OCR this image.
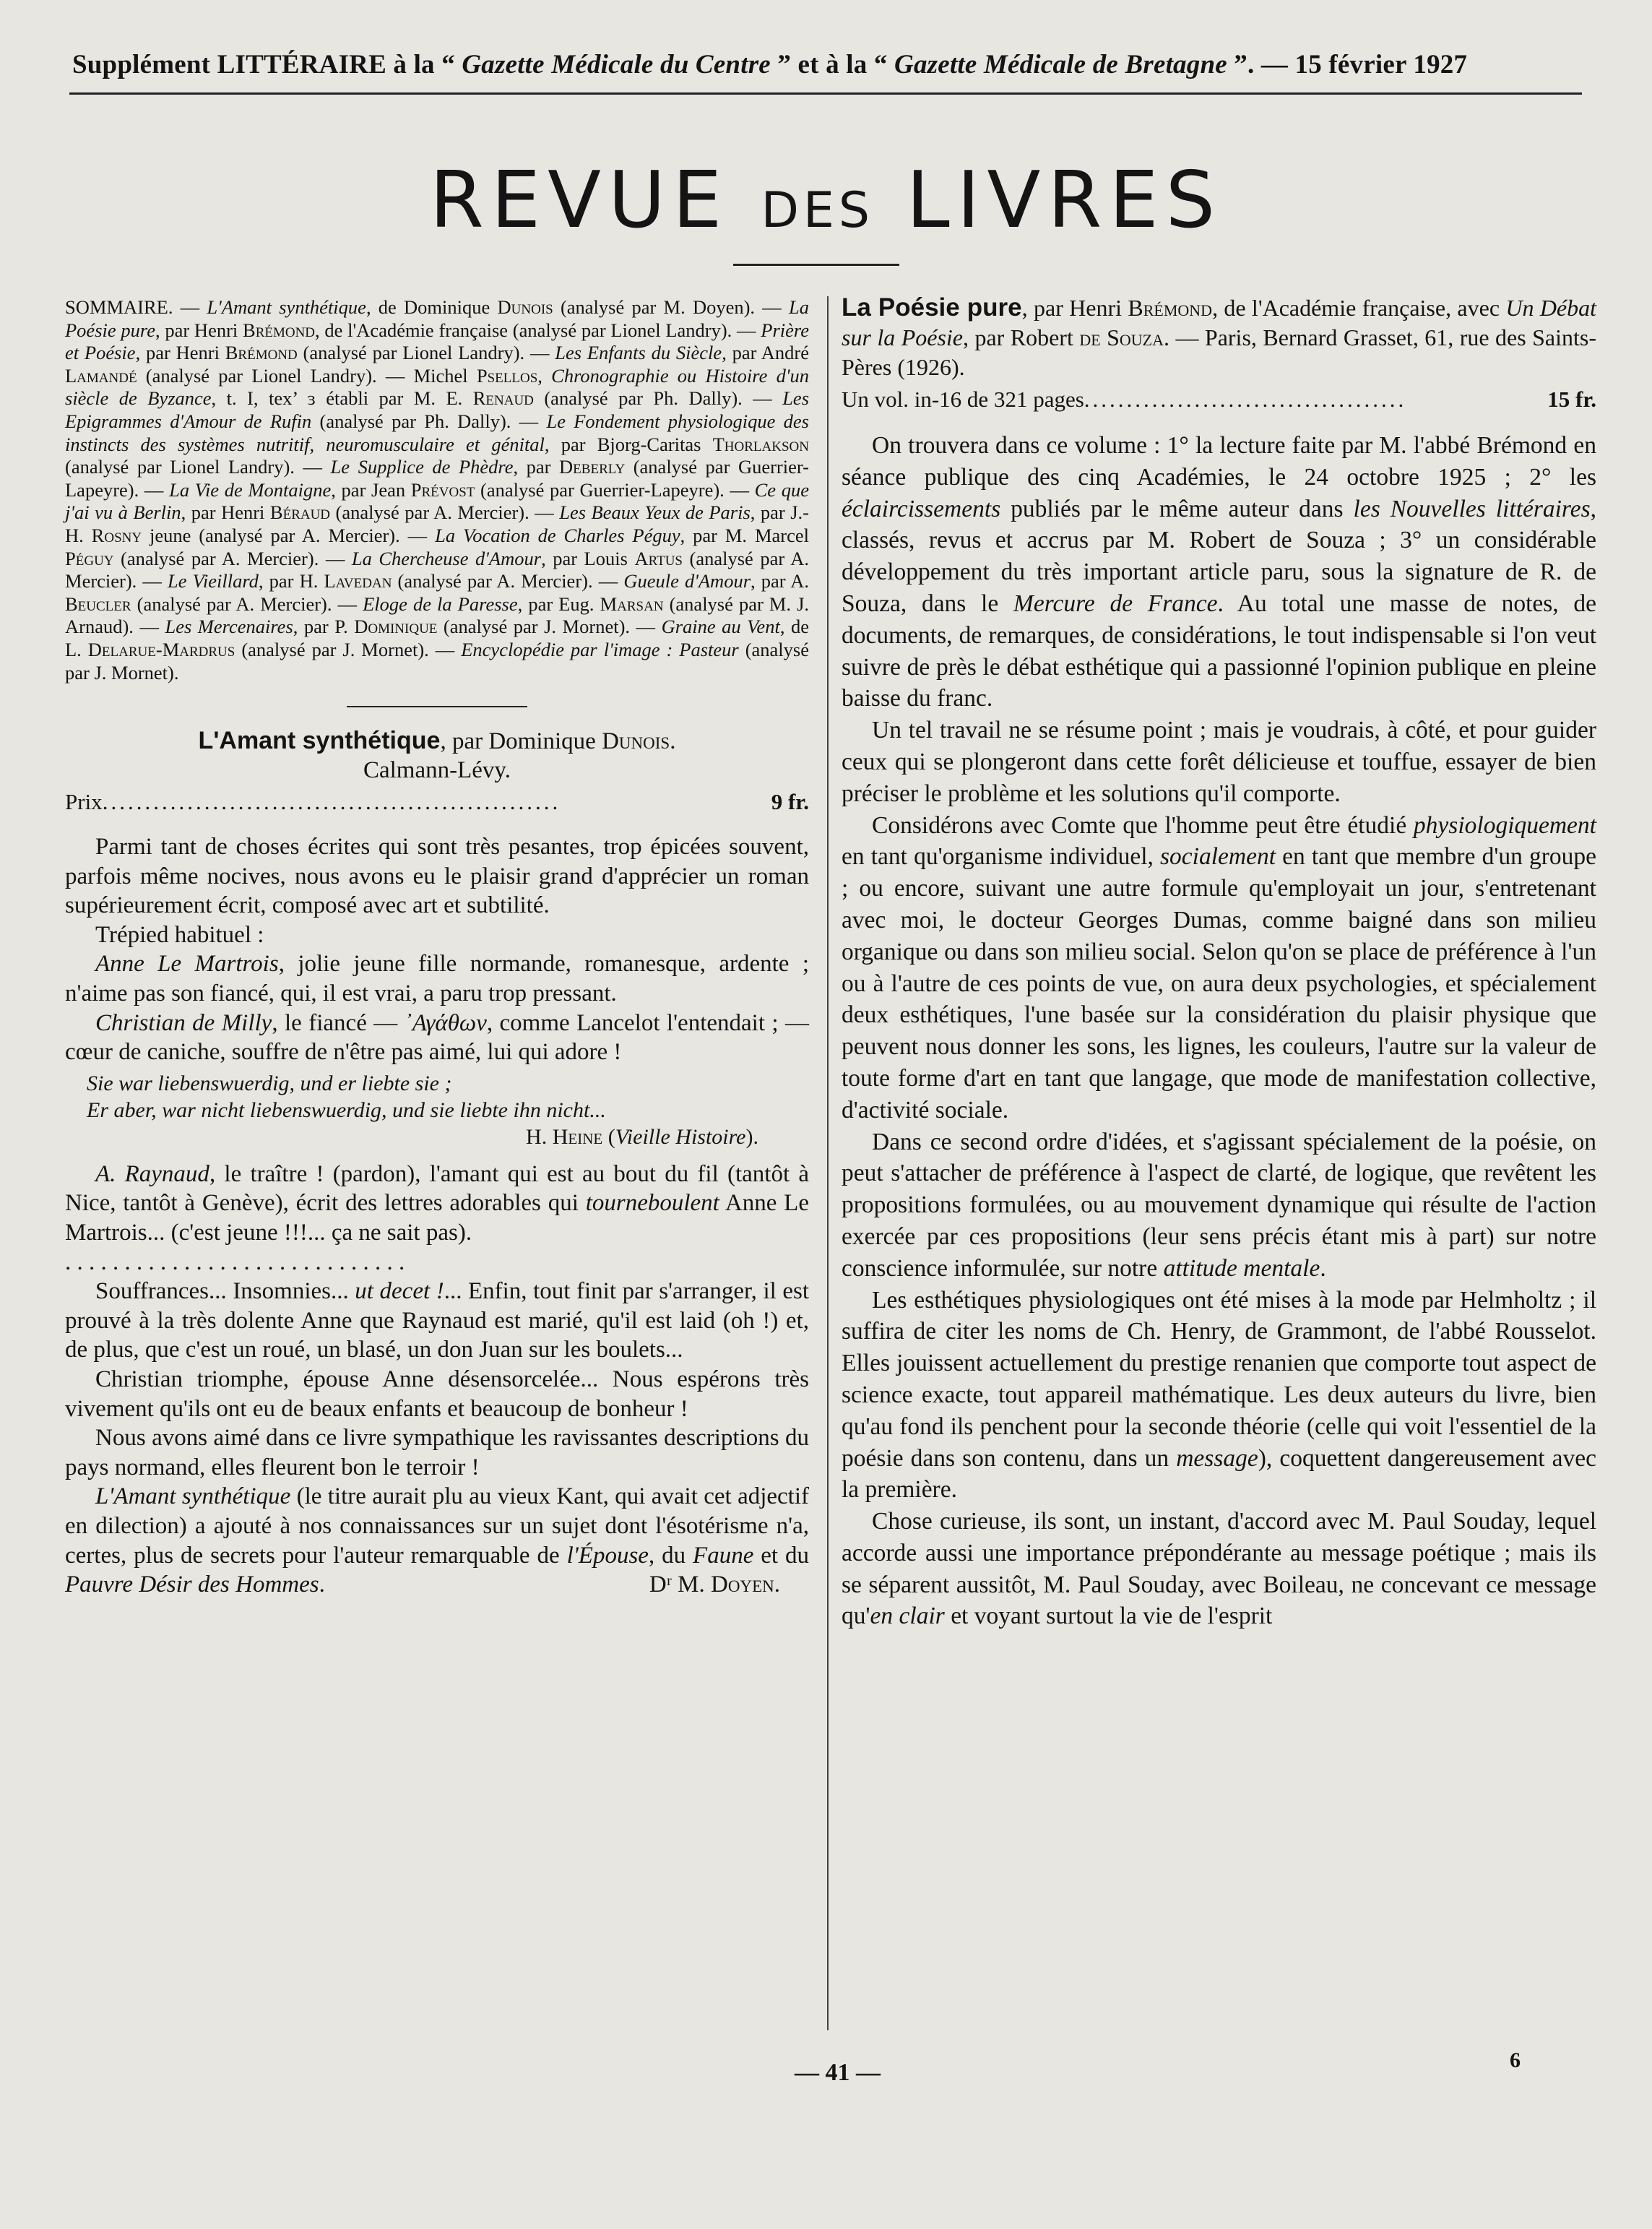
Supplément LITTÉRAIRE à la “ Gazette Médicale du Centre ” et à la “ Gazette Médicale de Bretagne ”. — 15 février 1927
REVUE DES LIVRES

SOMMAIRE. — L'Amant synthétique, de Dominique Dunois (analysé par M. Doyen). — La Poésie pure, par Henri Brémond, de l'Académie française (analysé par Lionel Landry). — Prière et Poésie, par Henri Brémond (analysé par Lionel Landry). — Les Enfants du Siècle, par André Lamandé (analysé par Lionel Landry). — Michel Psellos, Chronographie ou Histoire d'un siècle de Byzance, t. I, tex’ ɜ établi par M. E. Renaud (analysé par Ph. Dally). — Les Epigrammes d'Amour de Rufin (analysé par Ph. Dally). — Le Fondement physiologique des instincts des systèmes nutritif, neuromusculaire et génital, par Bjorg-Caritas Thorlakson (analysé par Lionel Landry). — Le Supplice de Phèdre, par Deberly (analysé par Guerrier-Lapeyre). — La Vie de Montaigne, par Jean Prévost (analysé par Guerrier-Lapeyre). — Ce que j'ai vu à Berlin, par Henri Béraud (analysé par A. Mercier). — Les Beaux Yeux de Paris, par J.-H. Rosny jeune (analysé par A. Mercier). — La Vocation de Charles Péguy, par M. Marcel Péguy (analysé par A. Mercier). — La Chercheuse d'Amour, par Louis Artus (analysé par A. Mercier). — Le Vieillard, par H. Lavedan (analysé par A. Mercier). — Gueule d'Amour, par A. Beucler (analysé par A. Mercier). — Eloge de la Paresse, par Eug. Marsan (analysé par M. J. Arnaud). — Les Mercenaires, par P. Dominique (analysé par J. Mornet). — Graine au Vent, de L. Delarue-Mardrus (analysé par J. Mornet). — Encyclopédie par l'image : Pasteur (analysé par J. Mornet).

L'Amant synthétique, par Dominique Dunois.

Calmann-Lévy.

Prix ......................................................	9 fr.

Parmi tant de choses écrites qui sont très pesantes, trop épicées souvent, parfois même nocives, nous avons eu le plaisir grand d'apprécier un roman supérieurement écrit, composé avec art et subtilité.

Trépied habituel :

Anne Le Martrois, jolie jeune fille normande, romanesque, ardente ; n'aime pas son fiancé, qui, il est vrai, a paru trop pressant.

Christian de Milly, le fiancé — ᾿Αγάθων, comme Lancelot l'entendait ; — cœur de caniche, souffre de n'être pas aimé, lui qui adore !

Sie war liebenswuerdig, und er liebte sie ;
Er aber, war nicht liebenswuerdig, und sie liebte ihn nicht...
H. Heine (Vieille Histoire).

A. Raynaud, le traître ! (pardon), l'amant qui est au bout du fil (tantôt à Nice, tantôt à Genève), écrit des lettres adorables qui tourneboulent Anne Le Martrois... (c'est jeune !!!... ça ne sait pas).

. . . . . . . . . . . . . . . . . . . . . . . . . . . . .

Souffrances... Insomnies... ut decet !... Enfin, tout finit par s'arranger, il est prouvé à la très dolente Anne que Raynaud est marié, qu'il est laid (oh !) et, de plus, que c'est un roué, un blasé, un don Juan sur les boulets...

Christian triomphe, épouse Anne désensorcelée... Nous espérons très vivement qu'ils ont eu de beaux enfants et beaucoup de bonheur !

Nous avons aimé dans ce livre sympathique les ravissantes descriptions du pays normand, elles fleurent bon le terroir !

L'Amant synthétique (le titre aurait plu au vieux Kant, qui avait cet adjectif en dilection) a ajouté à nos connaissances sur un sujet dont l'ésotérisme n'a, certes, plus de secrets pour l'auteur remarquable de l'Épouse, du Faune et du Pauvre Désir des Hommes.	Dʳ M. Doyen.

La Poésie pure, par Henri Brémond, de l'Académie française, avec Un Débat sur la Poésie, par Robert de Souza. — Paris, Bernard Grasset, 61, rue des Saints-Pères (1926).

Un vol. in-16 de 321 pages ......................................	15 fr.

On trouvera dans ce volume : 1° la lecture faite par M. l'abbé Brémond en séance publique des cinq Académies, le 24 octobre 1925 ; 2° les éclaircissements publiés par le même auteur dans les Nouvelles littéraires, classés, revus et accrus par M. Robert de Souza ; 3° un considérable développement du très important article paru, sous la signature de R. de Souza, dans le Mercure de France. Au total une masse de notes, de documents, de remarques, de considérations, le tout indispensable si l'on veut suivre de près le débat esthétique qui a passionné l'opinion publique en pleine baisse du franc.

Un tel travail ne se résume point ; mais je voudrais, à côté, et pour guider ceux qui se plongeront dans cette forêt délicieuse et touffue, essayer de bien préciser le problème et les solutions qu'il comporte.

Considérons avec Comte que l'homme peut être étudié physiologiquement en tant qu'organisme individuel, socialement en tant que membre d'un groupe ; ou encore, suivant une autre formule qu'employait un jour, s'entretenant avec moi, le docteur Georges Dumas, comme baigné dans son milieu organique ou dans son milieu social. Selon qu'on se place de préférence à l'un ou à l'autre de ces points de vue, on aura deux psychologies, et spécialement deux esthétiques, l'une basée sur la considération du plaisir physique que peuvent nous donner les sons, les lignes, les couleurs, l'autre sur la valeur de toute forme d'art en tant que langage, que mode de manifestation collective, d'activité sociale.

Dans ce second ordre d'idées, et s'agissant spécialement de la poésie, on peut s'attacher de préférence à l'aspect de clarté, de logique, que revêtent les propositions formulées, ou au mouvement dynamique qui résulte de l'action exercée par ces propositions (leur sens précis étant mis à part) sur notre conscience informulée, sur notre attitude mentale.

Les esthétiques physiologiques ont été mises à la mode par Helmholtz ; il suffira de citer les noms de Ch. Henry, de Grammont, de l'abbé Rousselot. Elles jouissent actuellement du prestige renanien que comporte tout aspect de science exacte, tout appareil mathématique. Les deux auteurs du livre, bien qu'au fond ils penchent pour la seconde théorie (celle qui voit l'essentiel de la poésie dans son contenu, dans un message), coquettent dangereusement avec la première.

Chose curieuse, ils sont, un instant, d'accord avec M. Paul Souday, lequel accorde aussi une importance prépondérante au message poétique ; mais ils se séparent aussitôt, M. Paul Souday, avec Boileau, ne concevant ce message qu'en clair et voyant surtout la vie de l'esprit

— 41 —	6
